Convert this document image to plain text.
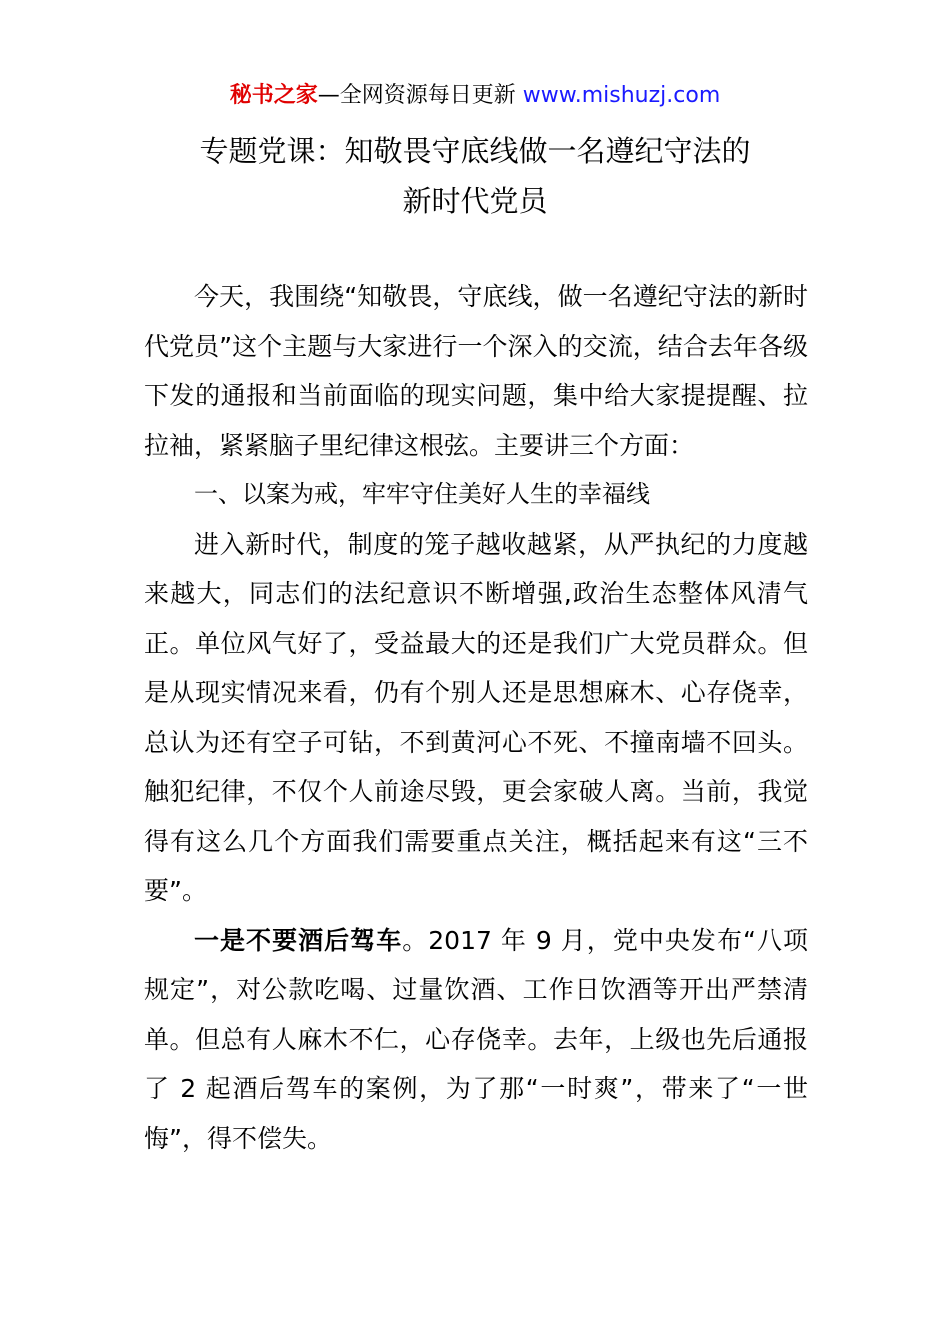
秘书之家—全网资源每日更新 www.mishuzj.com
专题党课：知敬畏守底线做一名遵纪守法的
新时代党员

今天，我围绕“知敬畏，守底线，做一名遵纪守法的新时代党员”这个主题与大家进行一个深入的交流，结合去年各级下发的通报和当前面临的现实问题，集中给大家提提醒、拉拉袖，紧紧脑子里纪律这根弦。主要讲三个方面：

一、以案为戒，牢牢守住美好人生的幸福线

进入新时代，制度的笼子越收越紧，从严执纪的力度越来越大，同志们的法纪意识不断增强,政治生态整体风清气正。单位风气好了，受益最大的还是我们广大党员群众。但是从现实情况来看，仍有个别人还是思想麻木、心存侥幸，总认为还有空子可钻，不到黄河心不死、不撞南墙不回头。触犯纪律，不仅个人前途尽毁，更会家破人离。当前，我觉得有这么几个方面我们需要重点关注，概括起来有这“三不要”。

一是不要酒后驾车。2017 年 9 月，党中央发布“八项规定”，对公款吃喝、过量饮酒、工作日饮酒等开出严禁清单。但总有人麻木不仁，心存侥幸。去年，上级也先后通报了 2 起酒后驾车的案例，为了那“一时爽”，带来了“一世悔”，得不偿失。
